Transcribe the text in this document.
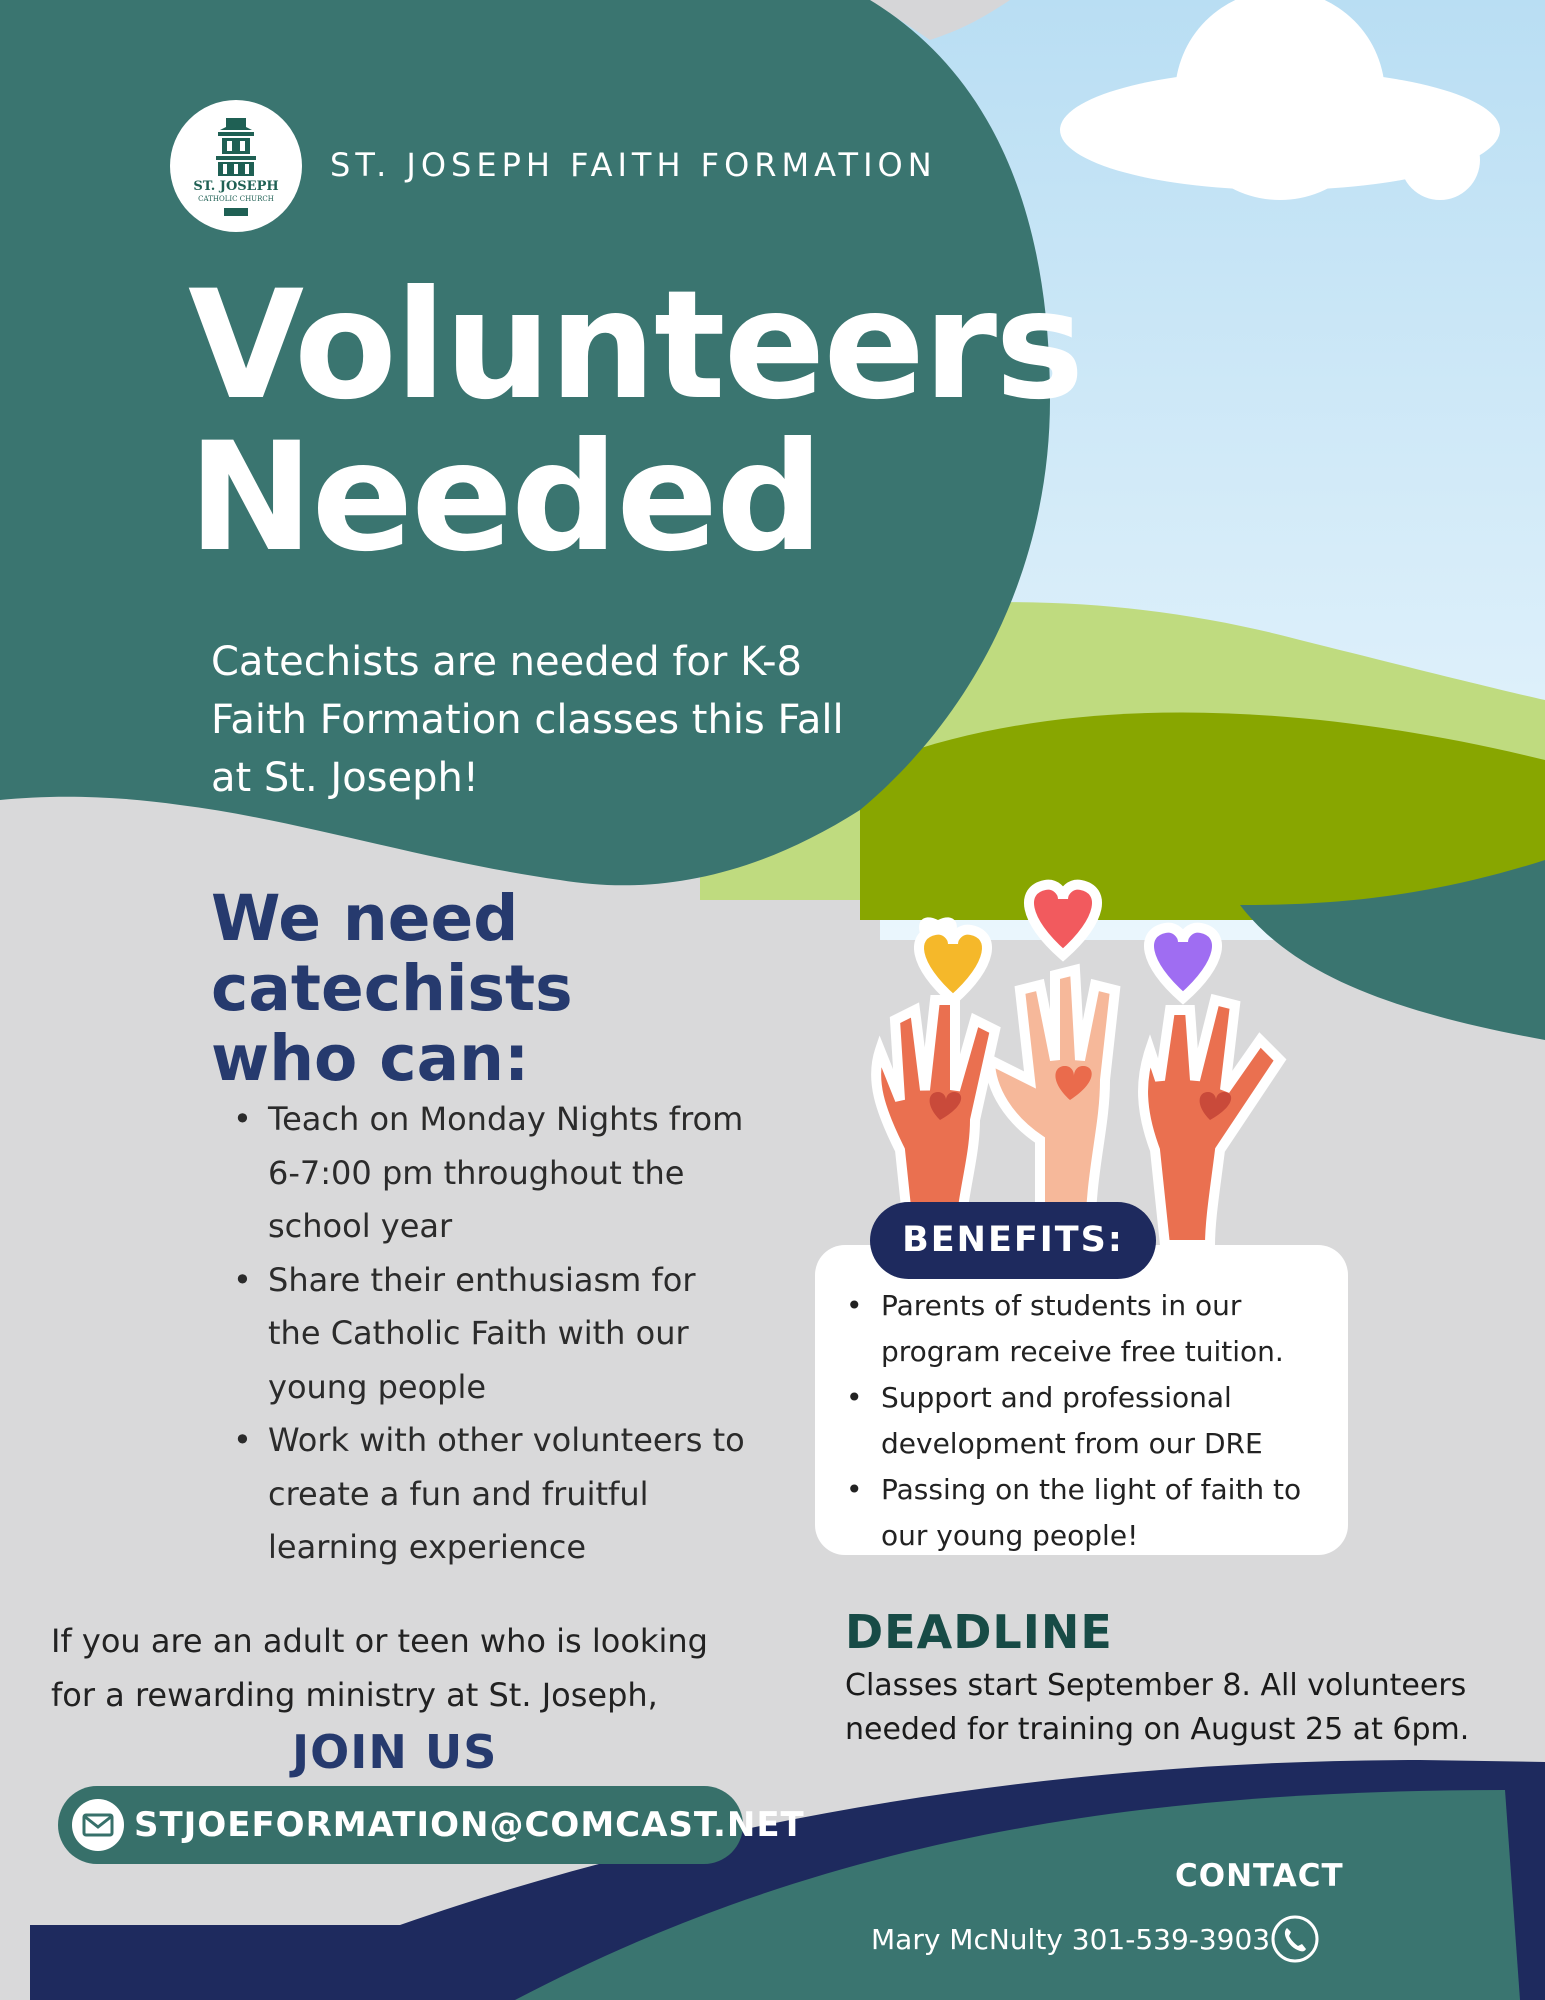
ST. JOSEPH
CATHOLIC CHURCH
ST. JOSEPH FAITH FORMATION
Volunteers
Needed

Catechists are needed for K-8 Faith Formation classes this Fall at St. Joseph!

We need
catechists
who can:
• Teach on Monday Nights from 6-7:00 pm throughout the school year
• Share their enthusiasm for the Catholic Faith with our young people
• Work with other volunteers to create a fun and fruitful learning experience
BENEFITS:
• Parents of students in our program receive free tuition.
• Support and professional development from our DRE
• Passing on the light of faith to our young people!
DEADLINE

Classes start September 8. All volunteers needed for training on August 25 at 6pm.

If you are an adult or teen who is looking for a rewarding ministry at St. Joseph,

JOIN US
STJOEFORMATION@COMCAST.NET
CONTACT
Mary McNulty 301-539-3903
